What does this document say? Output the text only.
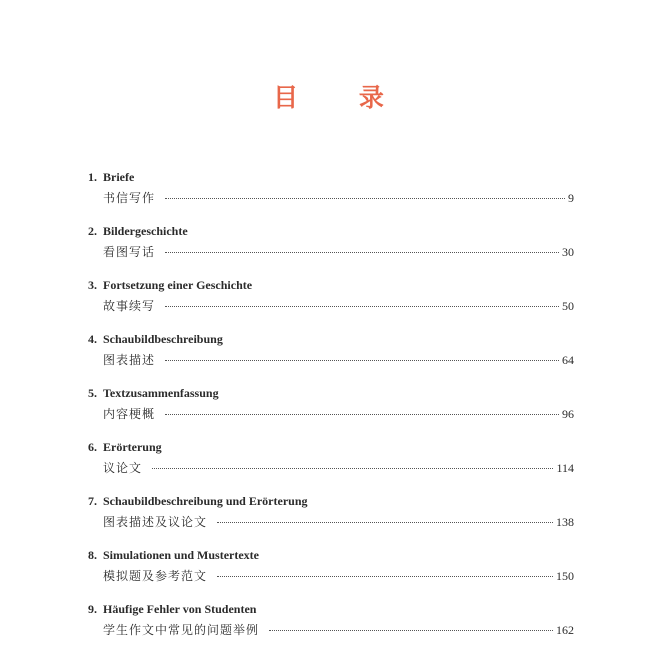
目 录
1. Briefe
书信写作	9
2. Bildergeschichte
看图写话	30
3. Fortsetzung einer Geschichte
故事续写	50
4. Schaubildbeschreibung
图表描述	64
5. Textzusammenfassung
内容梗概	96
6. Erörterung
议论文	114
7. Schaubildbeschreibung und Erörterung
图表描述及议论文	138
8. Simulationen und Mustertexte
模拟题及参考范文	150
9. Häufige Fehler von Studenten
学生作文中常见的问题举例	162
